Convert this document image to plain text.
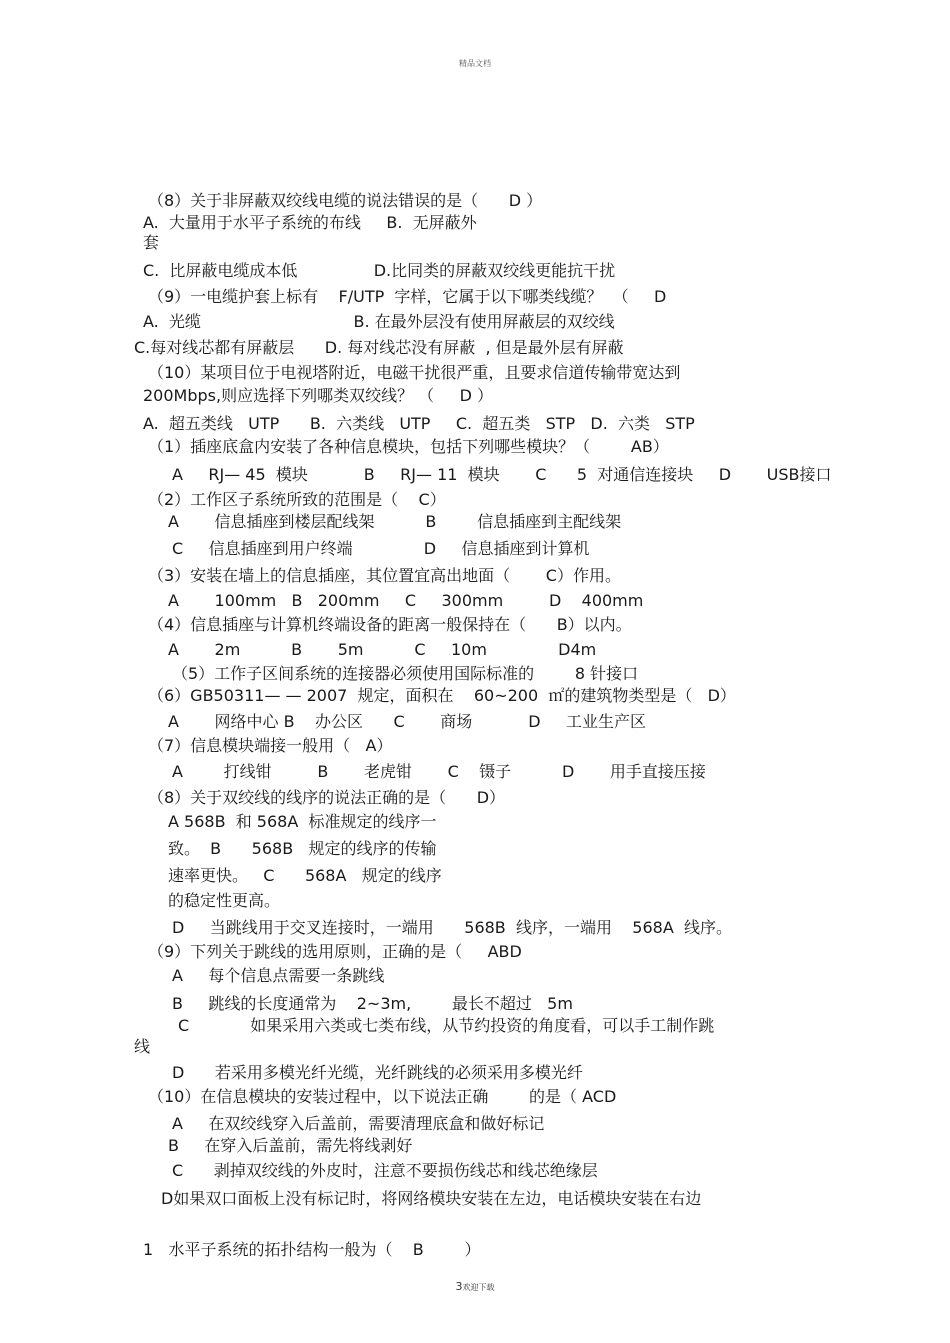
精品文档
（8）关于非屏蔽双绞线电缆的说法错误的是（      D ）
A.  大量用于水平子系统的布线     B.  无屏蔽外
套
C.  比屏蔽电缆成本低               D.比同类的屏蔽双绞线更能抗干扰
（9）一电缆护套上标有    F/UTP  字样，它属于以下哪类线缆？  （     D
A.  光缆                              B. 在最外层没有使用屏蔽层的双绞线
C.每对线芯都有屏蔽层      D. 每对线芯没有屏蔽  , 但是最外层有屏蔽
（10）某项目位于电视塔附近，电磁干扰很严重，且要求信道传输带宽达到
200Mbps,则应选择下列哪类双绞线？ （     D ）
A.  超五类线   UTP      B.  六类线   UTP     C.  超五类   STP   D.  六类   STP
（1）插座底盒内安装了各种信息模块，包括下列哪些模块？（        AB）
A     RJ— 45  模块           B     RJ— 11  模块       C      5  对通信连接块     D       USB接口
（2）工作区子系统所致的范围是（    C）
A       信息插座到楼层配线架          B        信息插座到主配线架
C     信息插座到用户终端              D     信息插座到计算机
（3）安装在墙上的信息插座，其位置宜高出地面（       C）作用。
A       100mm   B   200mm     C     300mm         D    400mm
（4）信息插座与计算机终端设备的距离一般保持在（      B）以内。
A       2m          B       5m          C     10m              D4m
（5）工作子区间系统的连接器必须使用国际标准的        8 针接口
（6）GB50311— — 2007  规定，面积在    60~200  ㎡的建筑物类型是（   D）
A       网络中心 B    办公区      C       商场           D     工业生产区
（7）信息模块端接一般用（   A）
A        打线钳         B       老虎钳       C    镊子          D       用手直接压接
（8）关于双绞线的线序的说法正确的是（      D）
A 568B  和 568A  标准规定的线序一
致。  B      568B   规定的线序的传输
速率更快。   C      568A   规定的线序
的稳定性更高。
D     当跳线用于交叉连接时，一端用      568B  线序，一端用    568A  线序。
（9）下列关于跳线的选用原则，正确的是（     ABD
A     每个信息点需要一条跳线
B     跳线的长度通常为    2~3m,        最长不超过   5m
C            如果采用六类或七类布线，从节约投资的角度看，可以手工制作跳
线
D      若采用多模光纤光缆，光纤跳线的必须采用多模光纤
（10）在信息模块的安装过程中，以下说法正确        的是（ ACD
A     在双绞线穿入后盖前，需要清理底盒和做好标记
B     在穿入后盖前，需先将线剥好
C      剥掉双绞线的外皮时，注意不要损伤线芯和线芯绝缘层
D如果双口面板上没有标记时，将网络模块安装在左边，电话模块安装在右边
1   水平子系统的拓扑结构一般为（    B        ）
3欢迎下载
